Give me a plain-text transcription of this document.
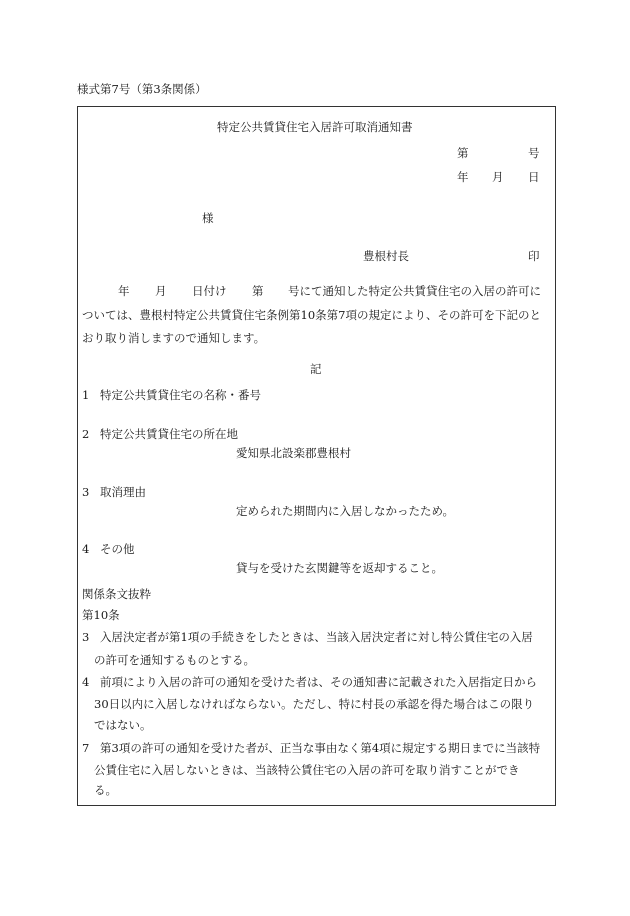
様式第7号（第3条関係）
特定公共賃貸住宅入居許可取消通知書
第	号
年 月 日
様
豊根村長	印
年 月 日付け 第 号にて通知した特定公共賃貸住宅の入居の許可に
ついては、豊根村特定公共賃貸住宅条例第10条第7項の規定により、その許可を下記のと
おり取り消しますので通知します。
記
1 特定公共賃貸住宅の名称・番号
2 特定公共賃貸住宅の所在地
愛知県北設楽郡豊根村
3 取消理由
定められた期間内に入居しなかったため。
4 その他
貸与を受けた玄関鍵等を返却すること。
関係条文抜粋
第10条
3 入居決定者が第1項の手続きをしたときは、当該入居決定者に対し特公賃住宅の入居
の許可を通知するものとする。
4 前項により入居の許可の通知を受けた者は、その通知書に記載された入居指定日から
30日以内に入居しなければならない。ただし、特に村長の承認を得た場合はこの限り
ではない。
7 第3項の許可の通知を受けた者が、正当な事由なく第4項に規定する期日までに当該特
公賃住宅に入居しないときは、当該特公賃住宅の入居の許可を取り消すことができ
る。
